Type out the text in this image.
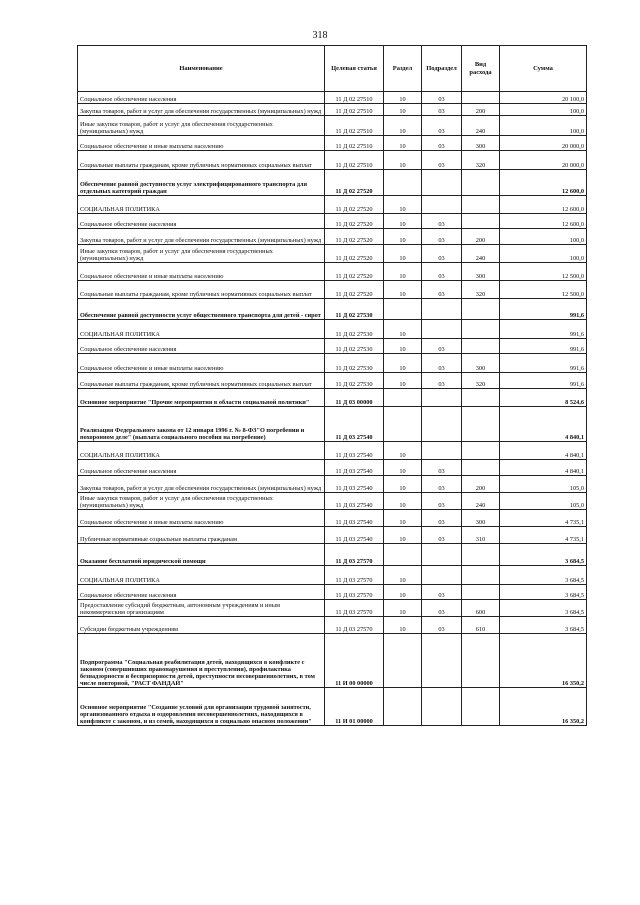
318
Наименование	Целевая статья	Раздел	Подраздел	Вид расхода	Сумма
Социальное обеспечение населения	11 Д 02 27510	10	03		20 100,0
Закупка товаров, работ и услуг для обеспечения государственных (муниципальных) нужд	11 Д 02 27510	10	03	200	100,0
Иные закупки товаров, работ и услуг для обеспечения государственных (муниципальных) нужд	11 Д 02 27510	10	03	240	100,0
Социальное обеспечение и иные выплаты населению	11 Д 02 27510	10	03	300	20 000,0
Социальные выплаты гражданам, кроме публичных нормативных социальных выплат	11 Д 02 27510	10	03	320	20 000,0
Обеспечение равной доступности услуг электрифицированного транспорта для отдельных категорий граждан	11 Д 02 27520				12 600,0
СОЦИАЛЬНАЯ ПОЛИТИКА	11 Д 02 27520	10			12 600,0
Социальное обеспечение населения	11 Д 02 27520	10	03		12 600,0
Закупка товаров, работ и услуг для обеспечения государственных (муниципальных) нужд	11 Д 02 27520	10	03	200	100,0
Иные закупки товаров, работ и услуг для обеспечения государственных (муниципальных) нужд	11 Д 02 27520	10	03	240	100,0
Социальное обеспечение и иные выплаты населению	11 Д 02 27520	10	03	300	12 500,0
Социальные выплаты гражданам, кроме публичных нормативных социальных выплат	11 Д 02 27520	10	03	320	12 500,0
Обеспечение равной доступности услуг общественного транспорта для детей - сирот	11 Д 02 27530				991,6
СОЦИАЛЬНАЯ ПОЛИТИКА	11 Д 02 27530	10			991,6
Социальное обеспечение населения	11 Д 02 27530	10	03		991,6
Социальное обеспечение и иные выплаты населению	11 Д 02 27530	10	03	300	991,6
Социальные выплаты гражданам, кроме публичных нормативных социальных выплат	11 Д 02 27530	10	03	320	991,6
Основное мероприятие "Прочие мероприятия в области социальной политики"	11 Д 03 00000				8 524,6
Реализация Федерального закона от 12 января 1996 г. № 8-ФЗ"О погребении и похоронном деле" (выплата социального пособия на погребение)	11 Д 03 27540				4 840,1
СОЦИАЛЬНАЯ ПОЛИТИКА	11 Д 03 27540	10			4 840,1
Социальное обеспечение населения	11 Д 03 27540	10	03		4 840,1
Закупка товаров, работ и услуг для обеспечения государственных (муниципальных) нужд	11 Д 03 27540	10	03	200	105,0
Иные закупки товаров, работ и услуг для обеспечения государственных (муниципальных) нужд	11 Д 03 27540	10	03	240	105,0
Социальное обеспечение и иные выплаты населению	11 Д 03 27540	10	03	300	4 735,1
Публичные нормативные социальные выплаты гражданам	11 Д 03 27540	10	03	310	4 735,1
Оказание бесплатной юридической помощи	11 Д 03 27570				3 684,5
СОЦИАЛЬНАЯ ПОЛИТИКА	11 Д 03 27570	10			3 684,5
Социальное обеспечение населения	11 Д 03 27570	10	03		3 684,5
Предоставление субсидий бюджетным, автономным учреждениям и иным некоммерческим организациям	11 Д 03 27570	10	03	600	3 684,5
Субсидии бюджетным учреждениям	11 Д 03 27570	10	03	610	3 684,5
Подпрограмма "Социальная реабилитация детей, находящихся в конфликте с законом (совершивших правонарушения и преступления), профилактика безнадзорности и беспризорности детей, преступности несовершеннолетних, в том числе повторной, "РАСТ ФАНДАЙ"	11 И 00 00000				16 350,2
Основное мероприятие "Создание условий для организации трудовой занятости, организованного отдыха и оздоровления несовершеннолетних, находящихся в конфликте с законом, и из семей, находящихся в социально опасном положении"	11 И 01 00000				16 350,2
